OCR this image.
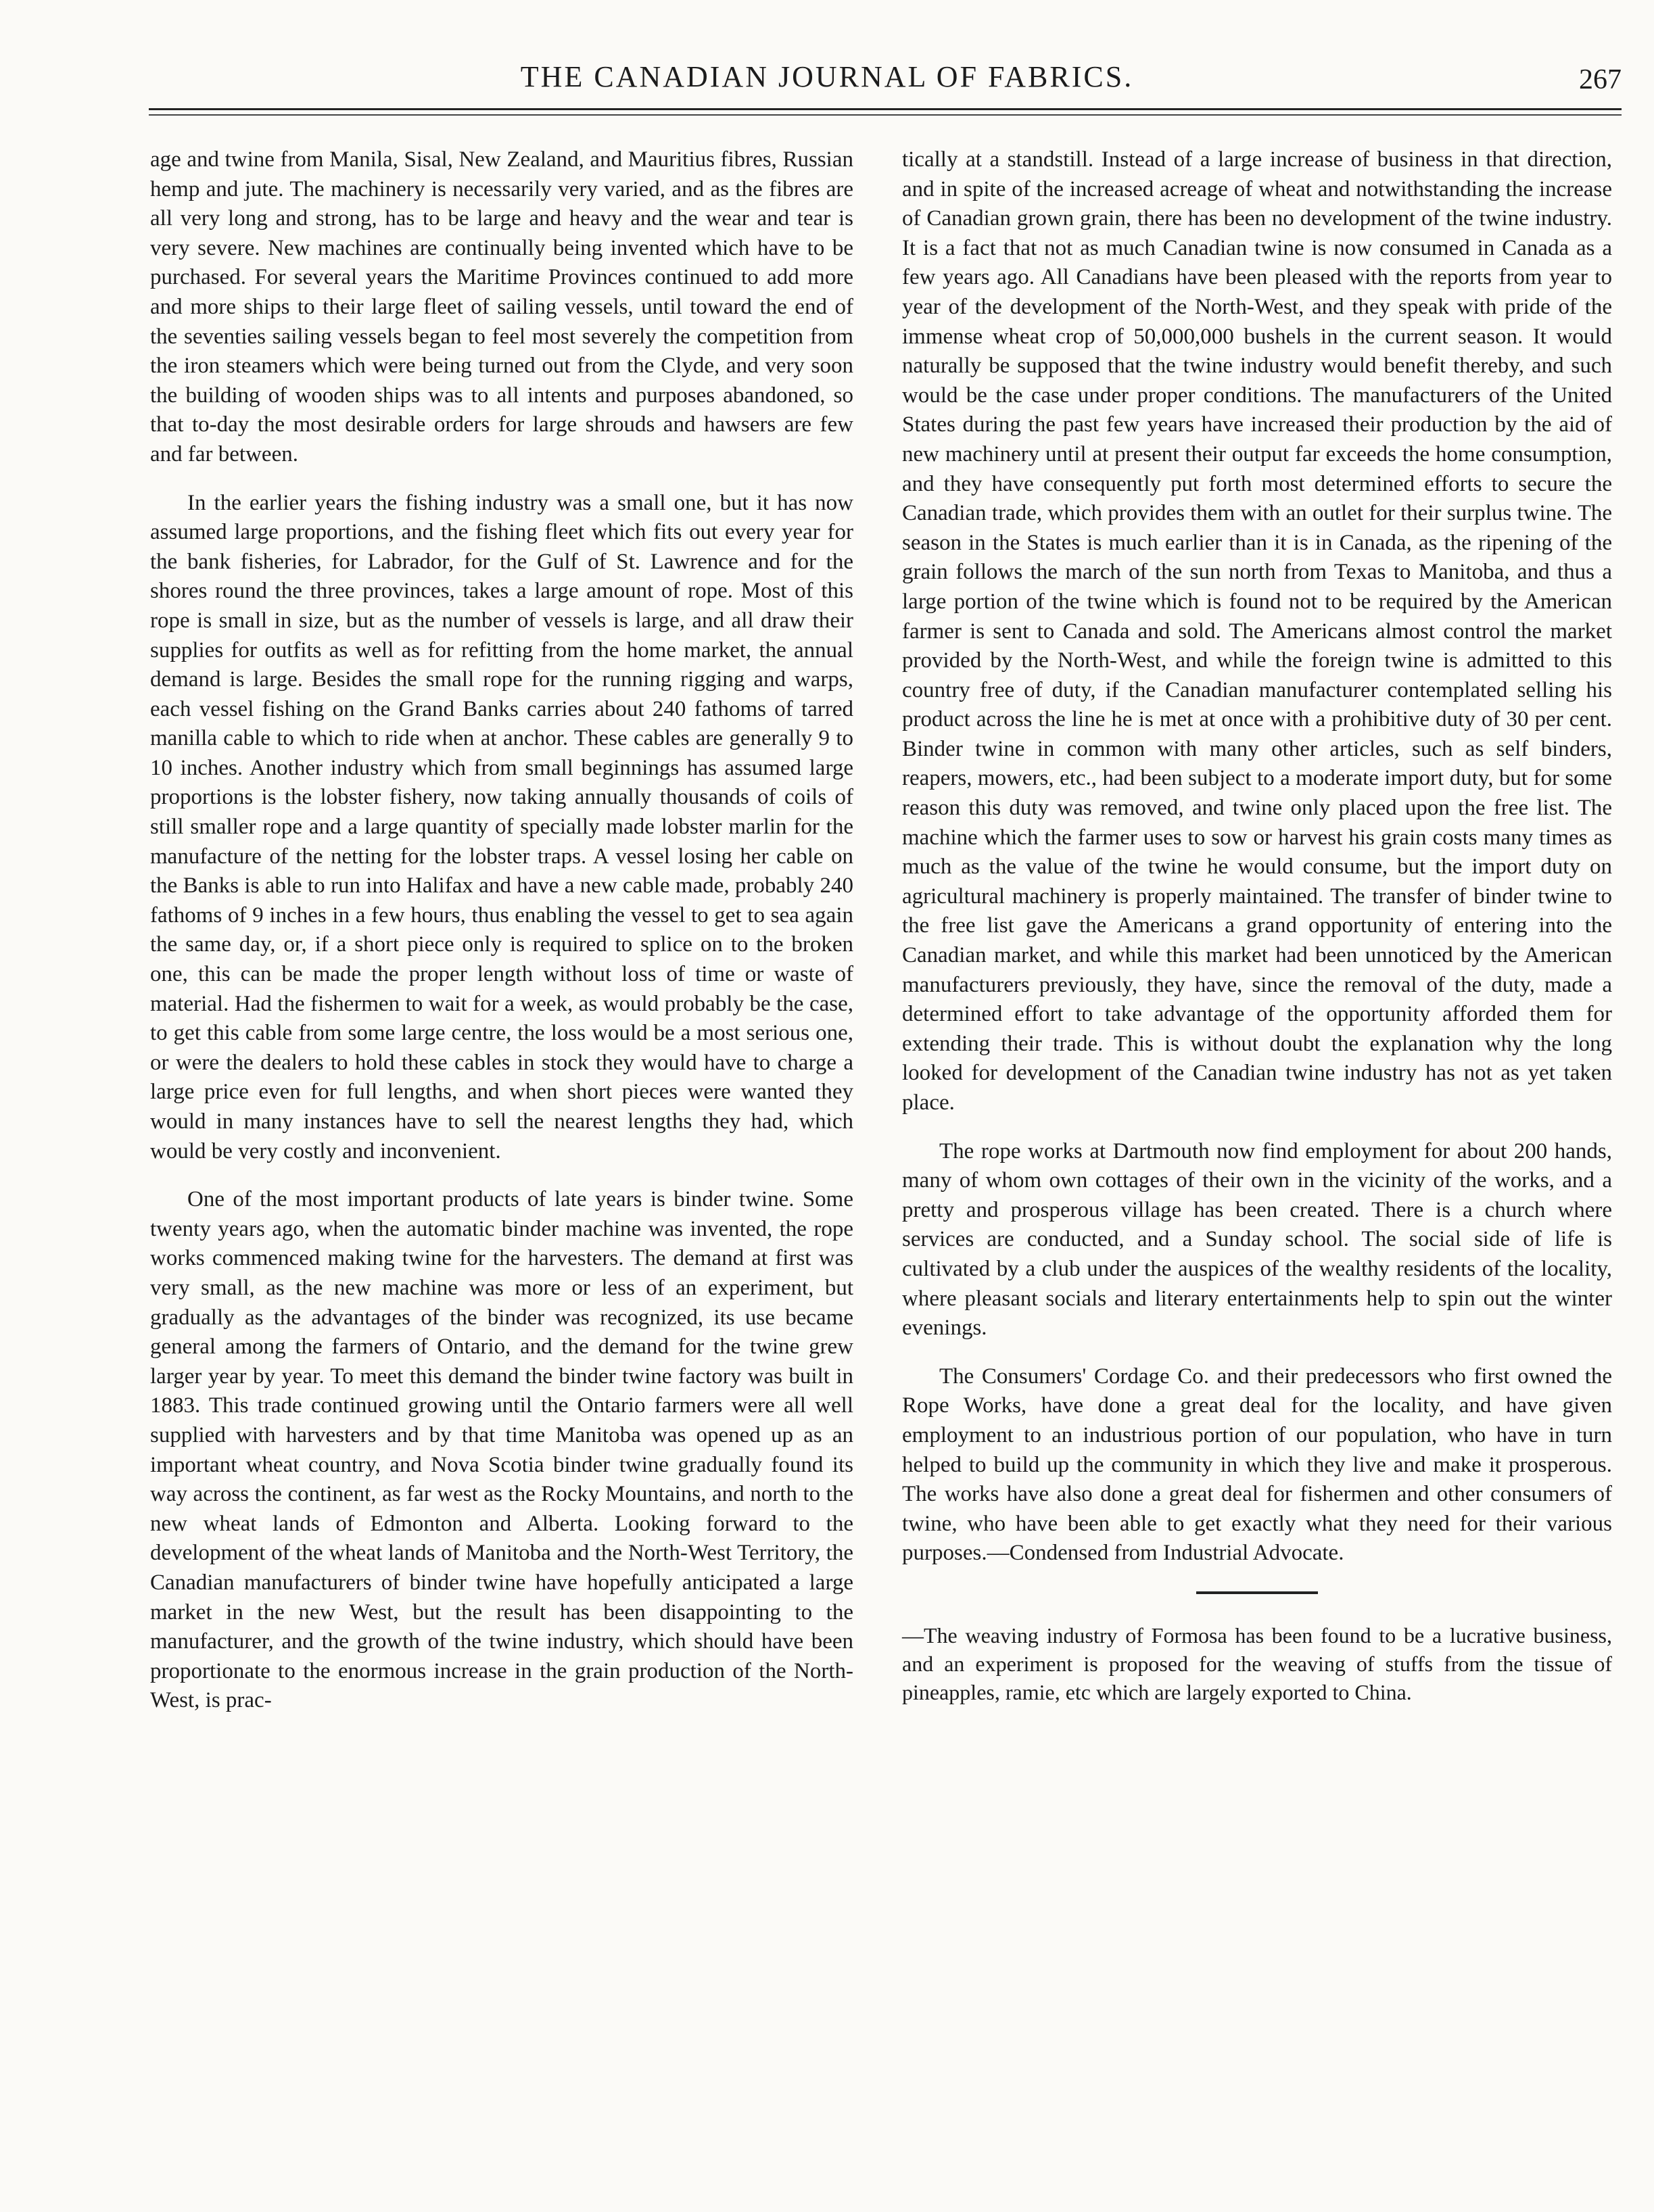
THE CANADIAN JOURNAL OF FABRICS.	267

age and twine from Manila, Sisal, New Zealand, and Mauritius fibres, Russian hemp and jute. The machinery is necessarily very varied, and as the fibres are all very long and strong, has to be large and heavy and the wear and tear is very severe. New machines are continually being invented which have to be purchased. For several years the Maritime Provinces continued to add more and more ships to their large fleet of sailing vessels, until toward the end of the seventies sailing vessels began to feel most severely the competition from the iron steamers which were being turned out from the Clyde, and very soon the building of wooden ships was to all intents and purposes abandoned, so that to-day the most desirable orders for large shrouds and hawsers are few and far between.

In the earlier years the fishing industry was a small one, but it has now assumed large proportions, and the fishing fleet which fits out every year for the bank fisheries, for Labrador, for the Gulf of St. Lawrence and for the shores round the three provinces, takes a large amount of rope. Most of this rope is small in size, but as the number of vessels is large, and all draw their supplies for outfits as well as for refitting from the home market, the annual demand is large. Besides the small rope for the running rigging and warps, each vessel fishing on the Grand Banks carries about 240 fathoms of tarred manilla cable to which to ride when at anchor. These cables are generally 9 to 10 inches. Another industry which from small beginnings has assumed large proportions is the lobster fishery, now taking annually thousands of coils of still smaller rope and a large quantity of specially made lobster marlin for the manufacture of the netting for the lobster traps. A vessel losing her cable on the Banks is able to run into Halifax and have a new cable made, probably 240 fathoms of 9 inches in a few hours, thus enabling the vessel to get to sea again the same day, or, if a short piece only is required to splice on to the broken one, this can be made the proper length without loss of time or waste of material. Had the fishermen to wait for a week, as would probably be the case, to get this cable from some large centre, the loss would be a most serious one, or were the dealers to hold these cables in stock they would have to charge a large price even for full lengths, and when short pieces were wanted they would in many instances have to sell the nearest lengths they had, which would be very costly and inconvenient.

One of the most important products of late years is binder twine. Some twenty years ago, when the automatic binder machine was invented, the rope works commenced making twine for the harvesters. The demand at first was very small, as the new machine was more or less of an experiment, but gradually as the advantages of the binder was recognized, its use became general among the farmers of Ontario, and the demand for the twine grew larger year by year. To meet this demand the binder twine factory was built in 1883. This trade continued growing until the Ontario farmers were all well supplied with harvesters and by that time Manitoba was opened up as an important wheat country, and Nova Scotia binder twine gradually found its way across the continent, as far west as the Rocky Mountains, and north to the new wheat lands of Edmonton and Alberta. Looking forward to the development of the wheat lands of Manitoba and the North-West Territory, the Canadian manufacturers of binder twine have hopefully anticipated a large market in the new West, but the result has been disappointing to the manufacturer, and the growth of the twine industry, which should have been proportionate to the enormous increase in the grain production of the North-West, is prac-

tically at a standstill. Instead of a large increase of business in that direction, and in spite of the increased acreage of wheat and notwithstanding the increase of Canadian grown grain, there has been no development of the twine industry. It is a fact that not as much Canadian twine is now consumed in Canada as a few years ago. All Canadians have been pleased with the reports from year to year of the development of the North-West, and they speak with pride of the immense wheat crop of 50,000,000 bushels in the current season. It would naturally be supposed that the twine industry would benefit thereby, and such would be the case under proper conditions. The manufacturers of the United States during the past few years have increased their production by the aid of new machinery until at present their output far exceeds the home consumption, and they have consequently put forth most determined efforts to secure the Canadian trade, which provides them with an outlet for their surplus twine. The season in the States is much earlier than it is in Canada, as the ripening of the grain follows the march of the sun north from Texas to Manitoba, and thus a large portion of the twine which is found not to be required by the American farmer is sent to Canada and sold. The Americans almost control the market provided by the North-West, and while the foreign twine is admitted to this country free of duty, if the Canadian manufacturer contemplated selling his product across the line he is met at once with a prohibitive duty of 30 per cent. Binder twine in common with many other articles, such as self binders, reapers, mowers, etc., had been subject to a moderate import duty, but for some reason this duty was removed, and twine only placed upon the free list. The machine which the farmer uses to sow or harvest his grain costs many times as much as the value of the twine he would consume, but the import duty on agricultural machinery is properly maintained. The transfer of binder twine to the free list gave the Americans a grand opportunity of entering into the Canadian market, and while this market had been unnoticed by the American manufacturers previously, they have, since the removal of the duty, made a determined effort to take advantage of the opportunity afforded them for extending their trade. This is without doubt the explanation why the long looked for development of the Canadian twine industry has not as yet taken place.

The rope works at Dartmouth now find employment for about 200 hands, many of whom own cottages of their own in the vicinity of the works, and a pretty and prosperous village has been created. There is a church where services are conducted, and a Sunday school. The social side of life is cultivated by a club under the auspices of the wealthy residents of the locality, where pleasant socials and literary entertainments help to spin out the winter evenings.

The Consumers' Cordage Co. and their predecessors who first owned the Rope Works, have done a great deal for the locality, and have given employment to an industrious portion of our population, who have in turn helped to build up the community in which they live and make it prosperous. The works have also done a great deal for fishermen and other consumers of twine, who have been able to get exactly what they need for their various purposes.—Condensed from Industrial Advocate.

—The weaving industry of Formosa has been found to be a lucrative business, and an experiment is proposed for the weaving of stuffs from the tissue of pineapples, ramie, etc which are largely exported to China.
